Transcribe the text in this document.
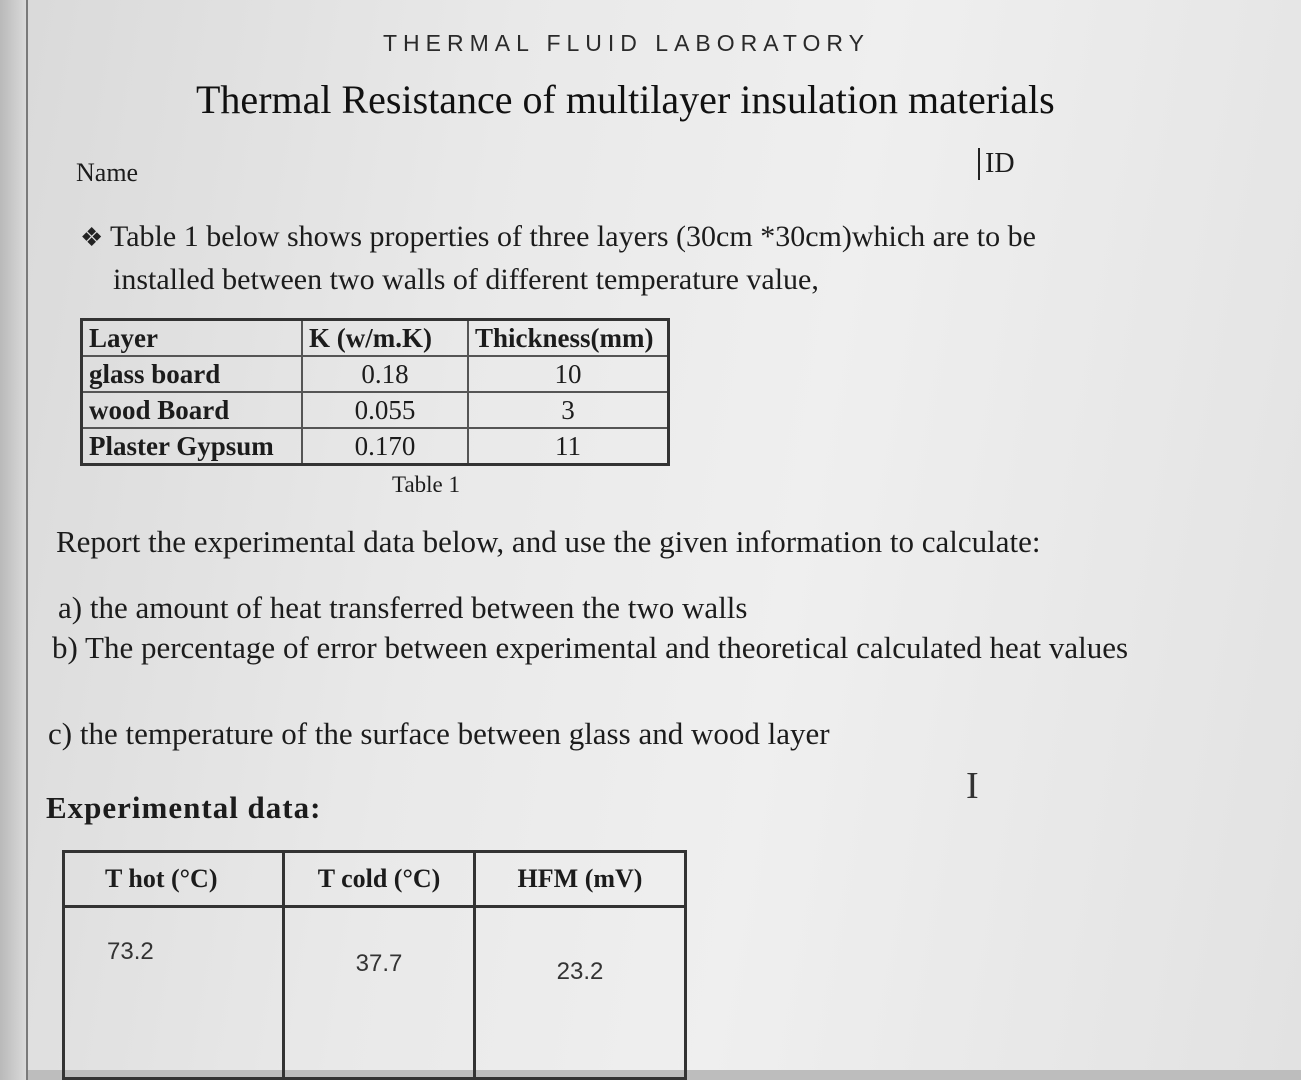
THERMAL FLUID LABORATORY
Thermal Resistance of multilayer insulation materials
Name	ID
❖ Table 1 below shows properties of three layers (30cm *30cm)which are to be
installed between two walls of different temperature value,
Layer	K (w/m.K)	Thickness(mm)
glass board	0.18	10
wood Board	0.055	3
Plaster Gypsum	0.170	11
Table 1
Report the experimental data below, and use the given information to calculate:
a) the amount of heat transferred between the two walls
b) The percentage of error between experimental and theoretical calculated heat values
c) the temperature of the surface between glass and wood layer
I
Experimental data:
T hot (°C)	T cold (°C)	HFM (mV)
73.2	37.7	23.2
